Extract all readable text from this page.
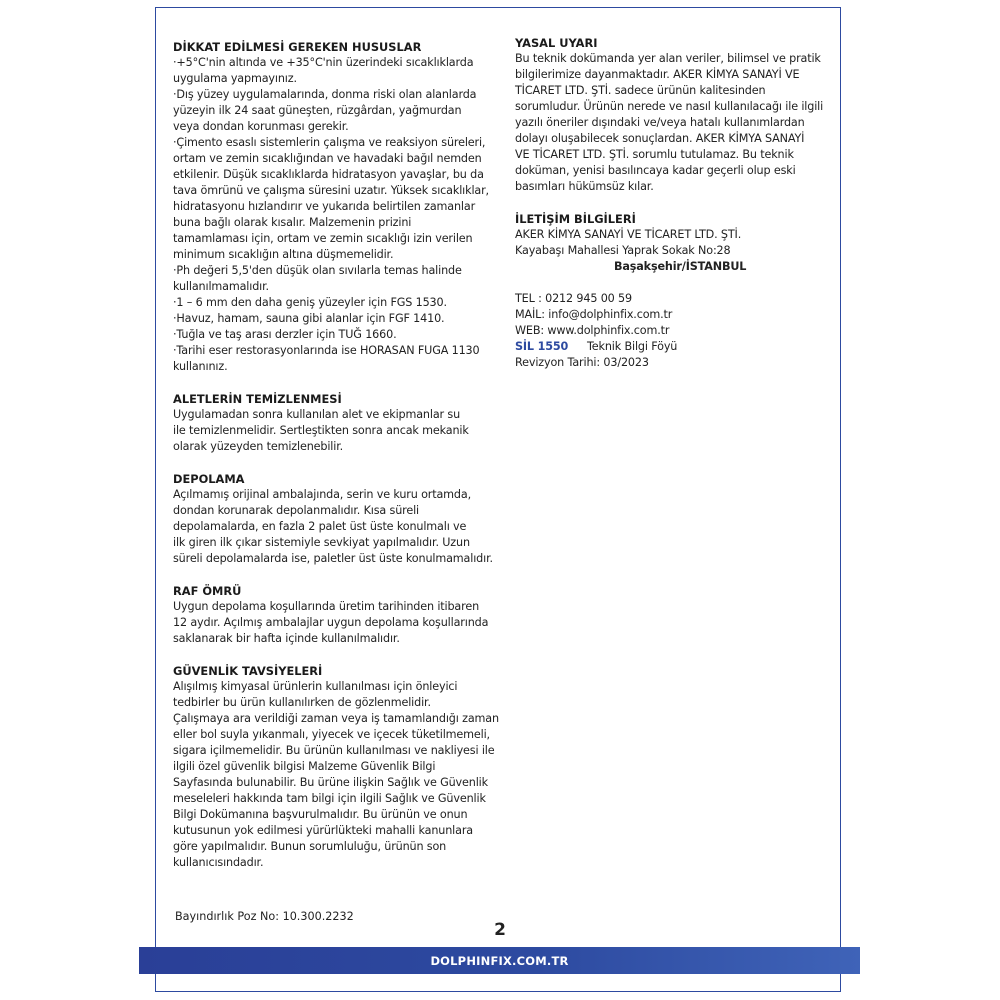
DİKKAT EDİLMESİ GEREKEN HUSUSLAR
·+5°C'nin altında ve +35°C'nin üzerindeki sıcaklıklarda
uygulama yapmayınız.
·Dış yüzey uygulamalarında, donma riski olan alanlarda
yüzeyin ilk 24 saat güneşten, rüzgârdan, yağmurdan
veya dondan korunması gerekir.
·Çimento esaslı sistemlerin çalışma ve reaksiyon süreleri,
ortam ve zemin sıcaklığından ve havadaki bağıl nemden
etkilenir. Düşük sıcaklıklarda hidratasyon yavaşlar, bu da
tava ömrünü ve çalışma süresini uzatır. Yüksek sıcaklıklar,
hidratasyonu hızlandırır ve yukarıda belirtilen zamanlar
buna bağlı olarak kısalır. Malzemenin prizini
tamamlaması için, ortam ve zemin sıcaklığı izin verilen
minimum sıcaklığın altına düşmemelidir.
·Ph değeri 5,5'den düşük olan sıvılarla temas halinde
kullanılmamalıdır.
·1 – 6 mm den daha geniş yüzeyler için FGS 1530.
·Havuz, hamam, sauna gibi alanlar için FGF 1410.
·Tuğla ve taş arası derzler için TUĞ 1660.
·Tarihi eser restorasyonlarında ise HORASAN FUGA 1130
kullanınız.
ALETLERİN TEMİZLENMESİ
Uygulamadan sonra kullanılan alet ve ekipmanlar su
ile temizlenmelidir. Sertleştikten sonra ancak mekanik
olarak yüzeyden temizlenebilir.
DEPOLAMA
Açılmamış orijinal ambalajında, serin ve kuru ortamda,
dondan korunarak depolanmalıdır. Kısa süreli
depolamalarda, en fazla 2 palet üst üste konulmalı ve
ilk giren ilk çıkar sistemiyle sevkiyat yapılmalıdır. Uzun
süreli depolamalarda ise, paletler üst üste konulmamalıdır.
RAF ÖMRÜ
Uygun depolama koşullarında üretim tarihinden itibaren
12 aydır. Açılmış ambalajlar uygun depolama koşullarında
saklanarak bir hafta içinde kullanılmalıdır.
GÜVENLİK TAVSİYELERİ
Alışılmış kimyasal ürünlerin kullanılması için önleyici
tedbirler bu ürün kullanılırken de gözlenmelidir.
Çalışmaya ara verildiği zaman veya iş tamamlandığı zaman
eller bol suyla yıkanmalı, yiyecek ve içecek tüketilmemeli,
sigara içilmemelidir. Bu ürünün kullanılması ve nakliyesi ile
ilgili özel güvenlik bilgisi Malzeme Güvenlik Bilgi
Sayfasında bulunabilir. Bu ürüne ilişkin Sağlık ve Güvenlik
meseleleri hakkında tam bilgi için ilgili Sağlık ve Güvenlik
Bilgi Dokümanına başvurulmalıdır. Bu ürünün ve onun
kutusunun yok edilmesi yürürlükteki mahalli kanunlara
göre yapılmalıdır. Bunun sorumluluğu, ürünün son
kullanıcısındadır.
YASAL UYARI
Bu teknik dokümanda yer alan veriler, bilimsel ve pratik
bilgilerimize dayanmaktadır. AKER KİMYA SANAYİ VE
TİCARET LTD. ŞTİ. sadece ürünün kalitesinden
sorumludur. Ürünün nerede ve nasıl kullanılacağı ile ilgili
yazılı öneriler dışındaki ve/veya hatalı kullanımlardan
dolayı oluşabilecek sonuçlardan. AKER KİMYA SANAYİ
VE TİCARET LTD. ŞTİ. sorumlu tutulamaz. Bu teknik
doküman, yenisi basılıncaya kadar geçerli olup eski
basımları hükümsüz kılar.
İLETİŞİM BİLGİLERİ
AKER KİMYA SANAYİ VE TİCARET LTD. ŞTİ.
Kayabaşı Mahallesi Yaprak Sokak No:28
Başakşehir/İSTANBUL
TEL : 0212 945 00 59
MAİL: info@dolphinfix.com.tr
WEB: www.dolphinfix.com.tr
SİL 1550 Teknik Bilgi Föyü
Revizyon Tarihi: 03/2023
Bayındırlık Poz No: 10.300.2232
2
DOLPHINFIX.COM.TR
